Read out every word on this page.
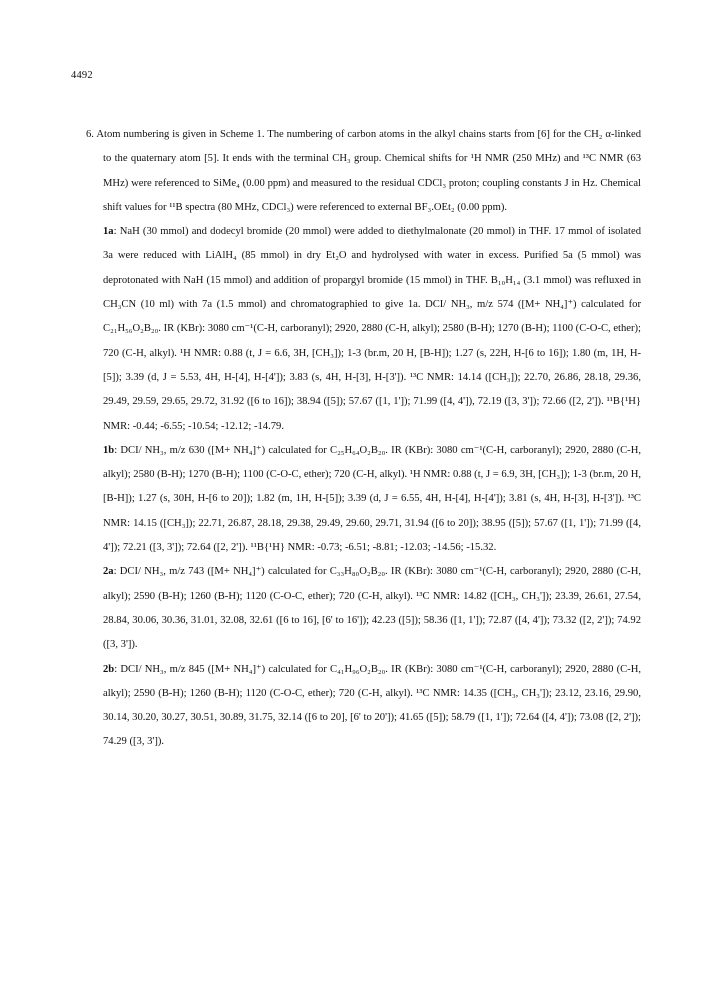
4492

6. Atom numbering is given in Scheme 1. The numbering of carbon atoms in the alkyl chains starts from [6] for the CH₂ α-linked to the quaternary atom [5]. It ends with the terminal CH₃ group. Chemical shifts for ¹H NMR (250 MHz) and ¹³C NMR (63 MHz) were referenced to SiMe₄ (0.00 ppm) and measured to the residual CDCl₃ proton; coupling constants J in Hz. Chemical shift values for ¹¹B spectra (80 MHz, CDCl₃) were referenced to external BF₃.OEt₂ (0.00 ppm).

1a: NaH (30 mmol) and dodecyl bromide (20 mmol) were added to diethylmalonate (20 mmol) in THF. 17 mmol of isolated 3a were reduced with LiAlH₄ (85 mmol) in dry Et₂O and hydrolysed with water in excess. Purified 5a (5 mmol) was deprotonated with NaH (15 mmol) and addition of propargyl bromide (15 mmol) in THF. B₁₀H₁₄ (3.1 mmol) was refluxed in CH₃CN (10 ml) with 7a (1.5 mmol) and chromatographied to give 1a. DCI/ NH₃, m/z 574 ([M+ NH₄]⁺) calculated for C₂₁H₅₆O₂B₂₀. IR (KBr): 3080 cm⁻¹(C-H, carboranyl); 2920, 2880 (C-H, alkyl); 2580 (B-H); 1270 (B-H); 1100 (C-O-C, ether); 720 (C-H, alkyl). ¹H NMR: 0.88 (t, J = 6.6, 3H, [CH₃]); 1-3 (br.m, 20 H, [B-H]); 1.27 (s, 22H, H-[6 to 16]); 1.80 (m, 1H, H-[5]); 3.39 (d, J = 5.53, 4H, H-[4], H-[4']); 3.83 (s, 4H, H-[3], H-[3']). ¹³C NMR: 14.14 ([CH₃]); 22.70, 26.86, 28.18, 29.36, 29.49, 29.59, 29.65, 29.72, 31.92 ([6 to 16]); 38.94 ([5]); 57.67 ([1, 1']); 71.99 ([4, 4']), 72.19 ([3, 3']); 72.66 ([2, 2']). ¹¹B{¹H} NMR: -0.44; -6.55; -10.54; -12.12; -14.79.

1b: DCI/ NH₃, m/z 630 ([M+ NH₄]⁺) calculated for C₂₅H₆₄O₂B₂₀. IR (KBr): 3080 cm⁻¹(C-H, carboranyl); 2920, 2880 (C-H, alkyl); 2580 (B-H); 1270 (B-H); 1100 (C-O-C, ether); 720 (C-H, alkyl). ¹H NMR: 0.88 (t, J = 6.9, 3H, [CH₃]); 1-3 (br.m, 20 H, [B-H]); 1.27 (s, 30H, H-[6 to 20]); 1.82 (m, 1H, H-[5]); 3.39 (d, J = 6.55, 4H, H-[4], H-[4']); 3.81 (s, 4H, H-[3], H-[3']). ¹³C NMR: 14.15 ([CH₃]); 22.71, 26.87, 28.18, 29.38, 29.49, 29.60, 29.71, 31.94 ([6 to 20]); 38.95 ([5]); 57.67 ([1, 1']); 71.99 ([4, 4']); 72.21 ([3, 3']); 72.64 ([2, 2']). ¹¹B{¹H} NMR: -0.73; -6.51; -8.81; -12.03; -14.56; -15.32.

2a: DCI/ NH₃, m/z 743 ([M+ NH₄]⁺) calculated for C₃₃H₈₀O₂B₂₀. IR (KBr): 3080 cm⁻¹(C-H, carboranyl); 2920, 2880 (C-H, alkyl); 2590 (B-H); 1260 (B-H); 1120 (C-O-C, ether); 720 (C-H, alkyl). ¹³C NMR: 14.82 ([CH₃, CH₃']); 23.39, 26.61, 27.54, 28.84, 30.06, 30.36, 31.01, 32.08, 32.61 ([6 to 16], [6' to 16']); 42.23 ([5]); 58.36 ([1, 1']); 72.87 ([4, 4']); 73.32 ([2, 2']); 74.92 ([3, 3']).

2b: DCI/ NH₃, m/z 845 ([M+ NH₄]⁺) calculated for C₄₁H₉₆O₂B₂₀. IR (KBr): 3080 cm⁻¹(C-H, carboranyl); 2920, 2880 (C-H, alkyl); 2590 (B-H); 1260 (B-H); 1120 (C-O-C, ether); 720 (C-H, alkyl). ¹³C NMR: 14.35 ([CH₃, CH₃']); 23.12, 23.16, 29.90, 30.14, 30.20, 30.27, 30.51, 30.89, 31.75, 32.14 ([6 to 20], [6' to 20']); 41.65 ([5]); 58.79 ([1, 1']); 72.64 ([4, 4']); 73.08 ([2, 2']); 74.29 ([3, 3']).
